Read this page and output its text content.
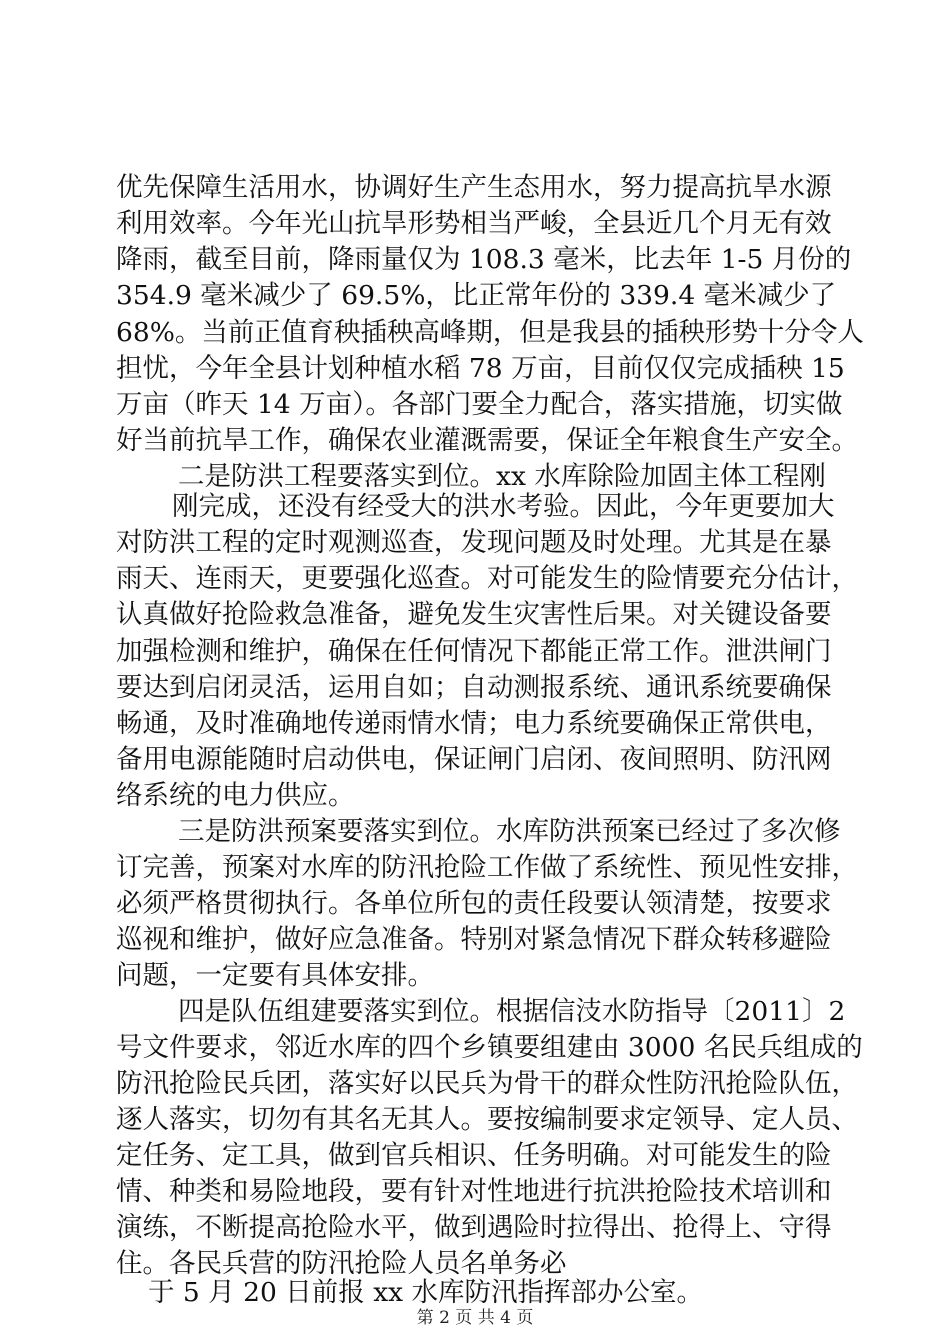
优先保障生活用水，协调好生产生态用水，努力提高抗旱水源
利用效率。今年光山抗旱形势相当严峻，全县近几个月无有效
降雨，截至目前，降雨量仅为 108.3 毫米，比去年 1-5 月份的
354.9 毫米减少了 69.5%，比正常年份的 339.4 毫米减少了
68%。当前正值育秧插秧高峰期，但是我县的插秧形势十分令人
担忧，今年全县计划种植水稻 78 万亩，目前仅仅完成插秧 15
万亩（昨天 14 万亩）。各部门要全力配合，落实措施，切实做
好当前抗旱工作，确保农业灌溉需要，保证全年粮食生产安全。
二是防洪工程要落实到位。xx 水库除险加固主体工程刚
刚完成，还没有经受大的洪水考验。因此，今年更要加大
对防洪工程的定时观测巡查，发现问题及时处理。尤其是在暴
雨天、连雨天，更要强化巡查。对可能发生的险情要充分估计，
认真做好抢险救急准备，避免发生灾害性后果。对关键设备要
加强检测和维护，确保在任何情况下都能正常工作。泄洪闸门
要达到启闭灵活，运用自如；自动测报系统、通讯系统要确保
畅通，及时准确地传递雨情水情；电力系统要确保正常供电，
备用电源能随时启动供电，保证闸门启闭、夜间照明、防汛网
络系统的电力供应。
三是防洪预案要落实到位。水库防洪预案已经过了多次修
订完善，预案对水库的防汛抢险工作做了系统性、预见性安排，
必须严格贯彻执行。各单位所包的责任段要认领清楚，按要求
巡视和维护，做好应急准备。特别对紧急情况下群众转移避险
问题，一定要有具体安排。
四是队伍组建要落实到位。根据信汥水防指导〔2011〕2
号文件要求，邻近水库的四个乡镇要组建由 3000 名民兵组成的
防汛抢险民兵团，落实好以民兵为骨干的群众性防汛抢险队伍，
逐人落实，切勿有其名无其人。要按编制要求定领导、定人员、
定任务、定工具，做到官兵相识、任务明确。对可能发生的险
情、种类和易险地段，要有针对性地进行抗洪抢险技术培训和
演练，不断提高抢险水平，做到遇险时拉得出、抢得上、守得
住。各民兵营的防汛抢险人员名单务必
于 5 月 20 日前报 xx 水库防汛指挥部办公室。
第 2 页 共 4 页
